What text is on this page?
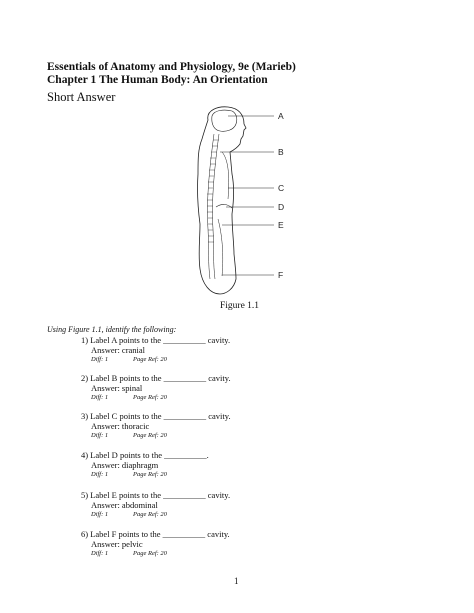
Essentials of Anatomy and Physiology, 9e (Marieb)
Chapter 1 The Human Body: An Orientation
Short Answer
A
B
C
D
E
F
Figure 1.1
Using Figure 1.1, identify the following:
1) Label A points to the __________ cavity.
Answer: cranial
Diff: 1	Page Ref: 20
2) Label B points to the __________ cavity.
Answer: spinal
Diff: 1	Page Ref: 20
3) Label C points to the __________ cavity.
Answer: thoracic
Diff: 1	Page Ref: 20
4) Label D points to the __________.
Answer: diaphragm
Diff: 1	Page Ref: 20
5) Label E points to the __________ cavity.
Answer: abdominal
Diff: 1	Page Ref: 20
6) Label F points to the __________ cavity.
Answer: pelvic
Diff: 1	Page Ref: 20
1
